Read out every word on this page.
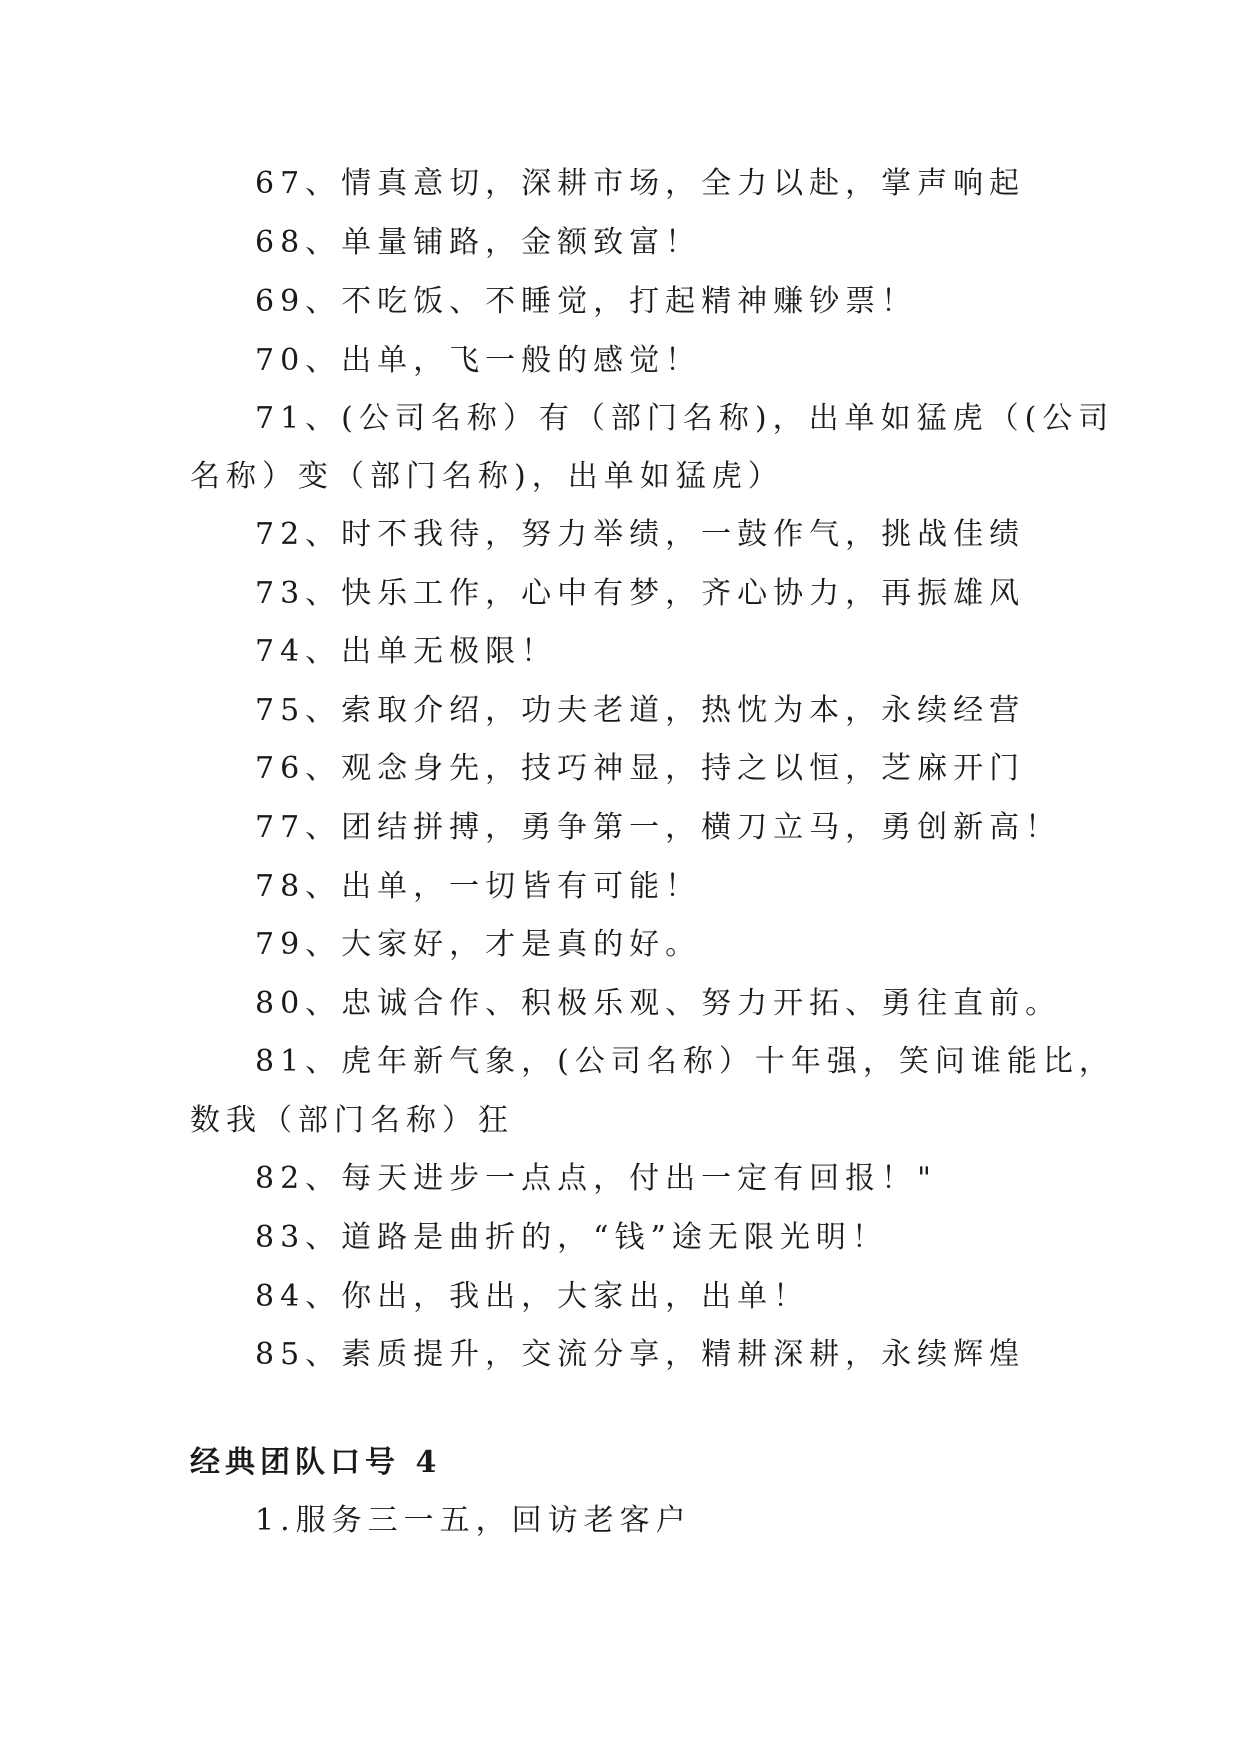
67、情真意切，深耕市场，全力以赴，掌声响起

68、单量铺路，金额致富！

69、不吃饭、不睡觉，打起精神赚钞票！

70、出单，飞一般的感觉！

71、(公司名称）有（部门名称)，出单如猛虎（(公司

名称）变（部门名称)，出单如猛虎）

72、时不我待，努力举绩，一鼓作气，挑战佳绩

73、快乐工作，心中有梦，齐心协力，再振雄风

74、出单无极限！

75、索取介绍，功夫老道，热忱为本，永续经营

76、观念身先，技巧神显，持之以恒，芝麻开门

77、团结拼搏，勇争第一，横刀立马，勇创新高！

78、出单，一切皆有可能！

79、大家好，才是真的好。

80、忠诚合作、积极乐观、努力开拓、勇往直前。

81、虎年新气象，(公司名称）十年强，笑问谁能比，

数我（部门名称）狂

82、每天进步一点点，付出一定有回报！"

83、道路是曲折的，“钱”途无限光明！

84、你出，我出，大家出，出单！

85、素质提升，交流分享，精耕深耕，永续辉煌

经典团队口号 4

1.服务三一五，回访老客户
